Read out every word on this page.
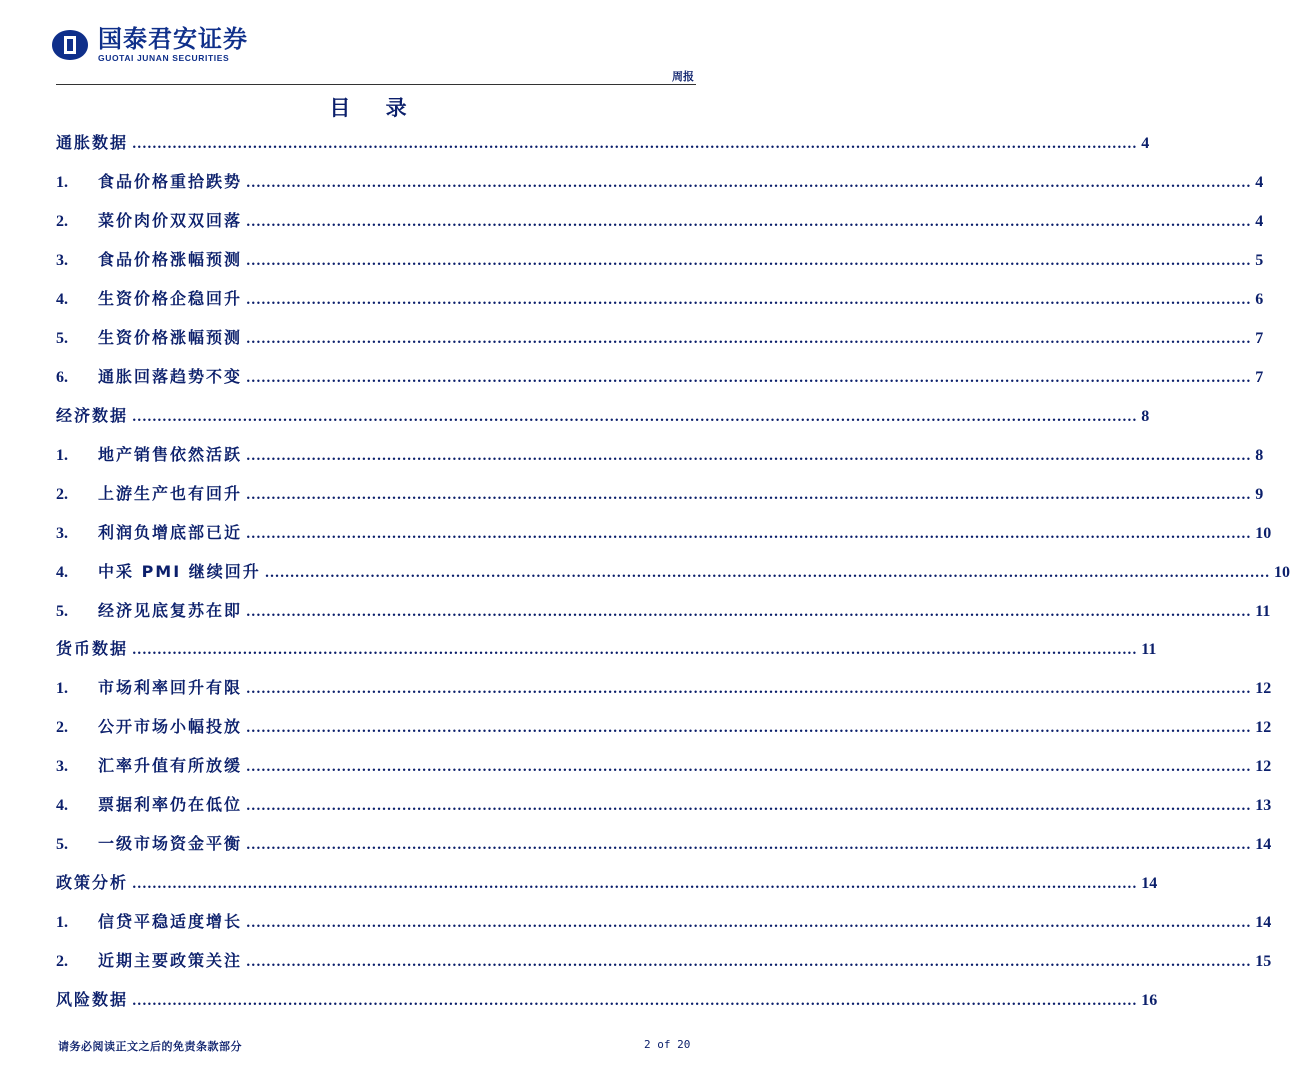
国泰君安证券
GUOTAI JUNAN SECURITIES
周报
目 录
通胀数据 ........................................................................................................................................................................................................ 4
1.	食品价格重拾跌势 ........................................................................................................................................................................................................ 4
2.	菜价肉价双双回落 ........................................................................................................................................................................................................ 4
3.	食品价格涨幅预测 ........................................................................................................................................................................................................ 5
4.	生资价格企稳回升 ........................................................................................................................................................................................................ 6
5.	生资价格涨幅预测 ........................................................................................................................................................................................................ 7
6.	通胀回落趋势不变 ........................................................................................................................................................................................................ 7
经济数据 ........................................................................................................................................................................................................ 8
1.	地产销售依然活跃 ........................................................................................................................................................................................................ 8
2.	上游生产也有回升 ........................................................................................................................................................................................................ 9
3.	利润负增底部已近 ........................................................................................................................................................................................................ 10
4.	中采 PMI 继续回升 ........................................................................................................................................................................................................ 10
5.	经济见底复苏在即 ........................................................................................................................................................................................................ 11
货币数据 ........................................................................................................................................................................................................ 11
1.	市场利率回升有限 ........................................................................................................................................................................................................ 12
2.	公开市场小幅投放 ........................................................................................................................................................................................................ 12
3.	汇率升值有所放缓 ........................................................................................................................................................................................................ 12
4.	票据利率仍在低位 ........................................................................................................................................................................................................ 13
5.	一级市场资金平衡 ........................................................................................................................................................................................................ 14
政策分析 ........................................................................................................................................................................................................ 14
1.	信贷平稳适度增长 ........................................................................................................................................................................................................ 14
2.	近期主要政策关注 ........................................................................................................................................................................................................ 15
风险数据 ........................................................................................................................................................................................................ 16
请务必阅读正文之后的免责条款部分	2 of 20
